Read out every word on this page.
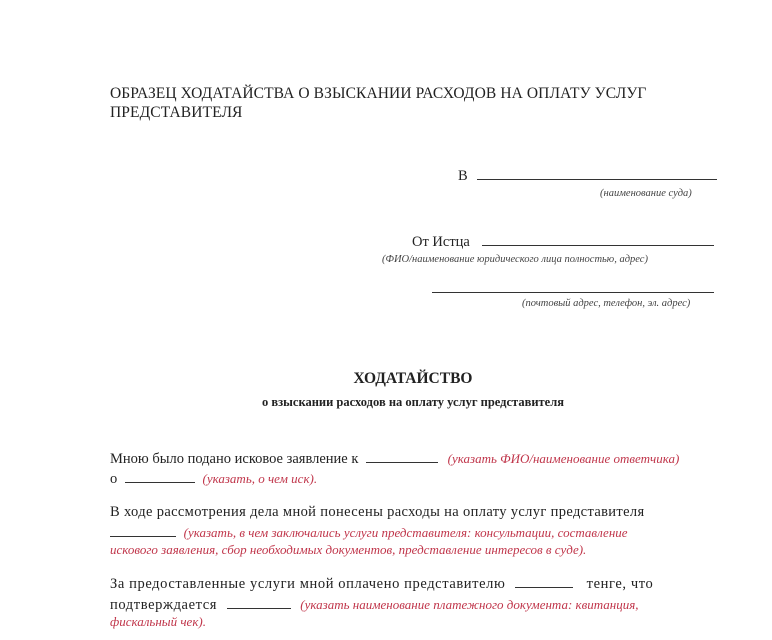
ОБРАЗЕЦ ХОДАТАЙСТВА О ВЗЫСКАНИИ РАСХОДОВ НА ОПЛАТУ УСЛУГ
ПРЕДСТАВИТЕЛЯ
В
(наименование суда)
От Истца
(ФИО/наименование юридического лица полностью, адрес)
(почтовый адрес, телефон, эл. адрес)
ХОДАТАЙСТВО
о взыскании расходов на оплату услуг представителя
Мною было подано исковое заявление к	(указать ФИО/наименование ответчика)
о	(указать, о чем иск).
В ходе рассмотрения дела мной понесены расходы на оплату услуг представителя
(указать, в чем заключались услуги представителя: консультации, составление
искового заявления, сбор необходимых документов, представление интересов в суде).
За предоставленные услуги мной оплачено представителю	тенге, что
подтверждается	(указать наименование платежного документа: квитанция,
фискальный чек).
